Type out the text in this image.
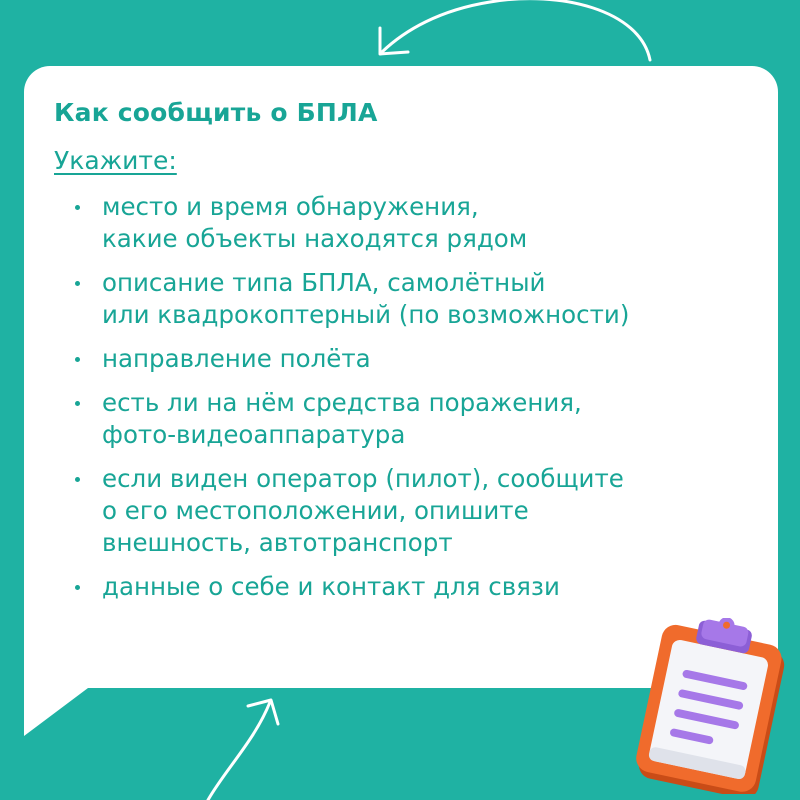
Как сообщить о БПЛА

Укажите:

место и время обнаружения,
какие объекты находятся рядом
описание типа БПЛА, самолётный
или квадрокоптерный (по возможности)
направление полёта
есть ли на нём средства поражения,
фото-видеоаппаратура
если виден оператор (пилот), сообщите
о его местоположении, опишите
внешность, автотранспорт
данные о себе и контакт для связи
